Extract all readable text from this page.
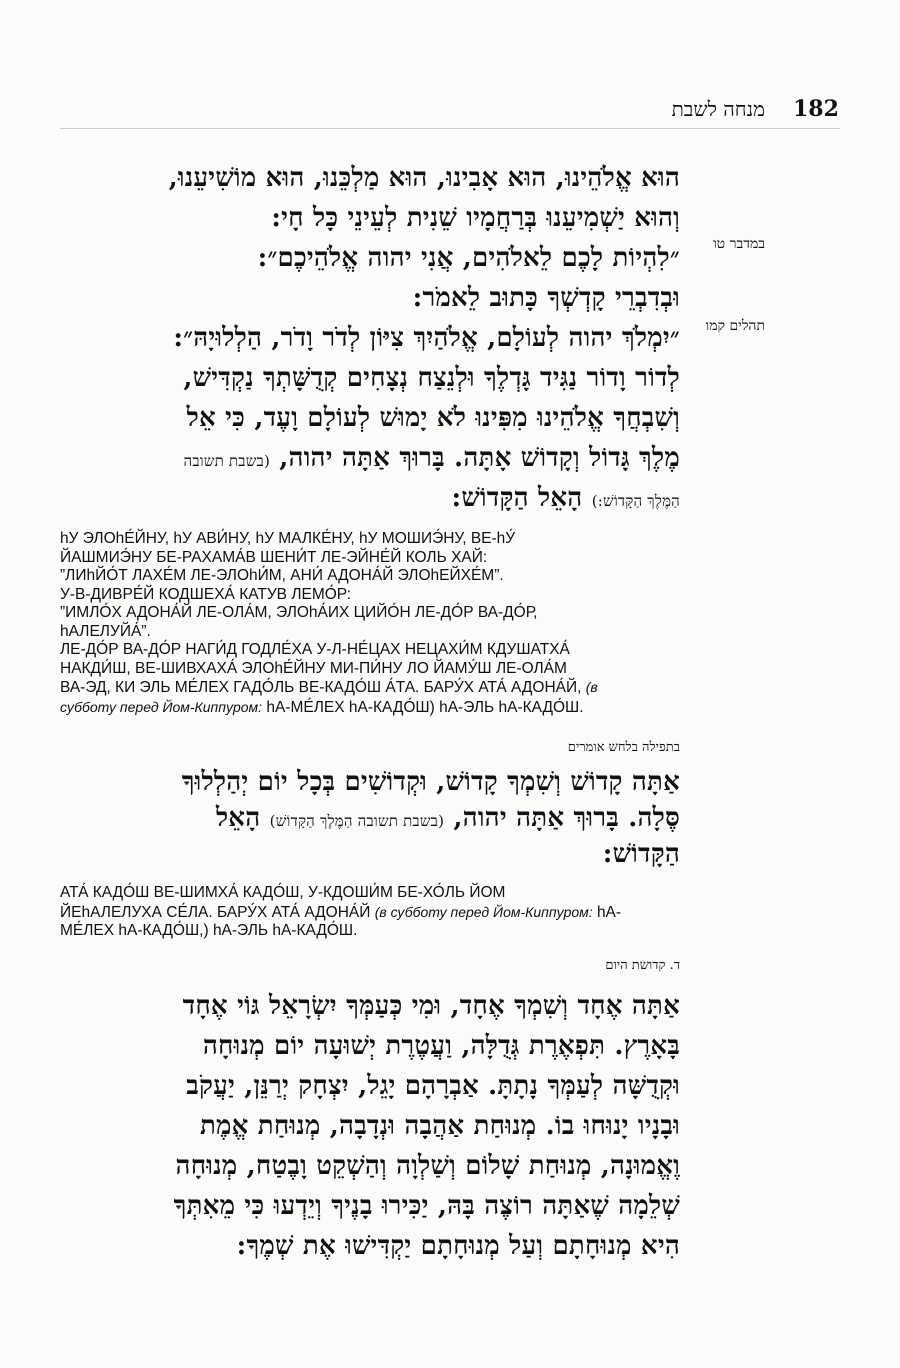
182
מנחה לשבת
במדבר טו
תהלים קמו
הוּא אֱלֹהֵינוּ, הוּא אָבִינוּ, הוּא מַלְכֵּנוּ, הוּא מוֹשִׁיעֵנוּ,
וְהוּא יַשְׁמִיעֵנוּ בְּרַחֲמָיו שֵׁנִית לְעֵינֵי כָּל חָי:
״לִהְיוֹת לָכֶם לֵאלֹהִים, אֲנִי יהוה אֱלֹהֵיכֶם״:
וּבְדִבְרֵי קָדְשְׁךָ כָּתוּב לֵאמֹר:
״יִמְלֹךְ יהוה לְעוֹלָם, אֱלֹהַיִךְ צִיּוֹן לְדֹר וָדֹר, הַלְלוּיָהּ״:
לְדוֹר וָדוֹר נַגִּיד גָּדְלֶךָ וּלְנֵצַח נְצָחִים קְדֻשָּׁתְךָ נַקְדִּישׁ,
וְשִׁבְחֲךָ אֱלֹהֵינוּ מִפִּינוּ לֹא יָמוּשׁ לְעוֹלָם וָעֶד, כִּי אֵל
מֶלֶךְ גָּדוֹל וְקָדוֹשׁ אָתָּה. בָּרוּךְ אַתָּה יהוה, (בשבת תשובה
הַמֶּלֶךְ הַקָּדוֹשׁ:) הָאֵל הַקָּדוֹשׁ:
hУ ЭЛОhЕ́ЙНУ, hУ АВИ́НУ, hУ МАЛКЕ́НУ, hУ МОШИЭ́НУ, ВЕ-hУ́
ЙАШМИЭ́НУ БЕ-РАХАМА́В ШЕНИ́Т ЛЕ-ЭЙНЕ́Й КОЛЬ ХАЙ:
”ЛИhЙО́Т ЛАХЕ́М ЛЕ-ЭЛОhИ́М, АНИ́ АДОНА́Й ЭЛОhЕЙХЕ́М”.
У-В-ДИВРЕ́Й КОДШЕХА́ КАТУВ ЛЕМО́Р:
”ИМЛО́Х АДОНА́Й ЛЕ-ОЛА́М, ЭЛОhА́ИХ ЦИЙО́Н ЛЕ-ДО́Р ВА-ДО́Р,
hАЛЕЛУЙА́”.
ЛЕ-ДО́Р ВА-ДО́Р НАГИ́Д ГОДЛЕ́ХА У-Л-НЕ́ЦАХ НЕЦАХИ́М КДУШАТХА́
НАКДИ́Ш, ВЕ-ШИВХАХА́ ЭЛОhЕ́ЙНУ МИ-ПИ́НУ ЛО ЙАМУ́Ш ЛЕ-ОЛА́М
ВА-ЭД, КИ ЭЛЬ МЕ́ЛЕХ ГАДО́ЛЬ ВЕ-КАДО́Ш А́ТА. БАРУ́Х АТА́ АДОНА́Й, (в
субботу перед Йом-Киппуром: hА-МЕ́ЛЕХ hА-КАДО́Ш) hА-ЭЛЬ hА-КАДО́Ш.
בתפילה בלחש אומרים
אַתָּה קָדוֹשׁ וְשִׁמְךָ קָדוֹשׁ, וּקְדוֹשִׁים בְּכָל יוֹם יְהַלְלוּךָ
סֶּלָה. בָּרוּךְ אַתָּה יהוה, (בשבת תשובה הַמֶּלֶךְ הַקָּדוֹשׁ) הָאֵל
הַקָּדוֹשׁ:
АТА́ КАДО́Ш ВЕ-ШИМХА́ КАДО́Ш, У-КДОШИ́М БЕ-ХО́ЛЬ ЙОМ
ЙЕhАЛЕЛУХА СЕ́ЛА. БАРУ́Х АТА́ АДОНА́Й (в субботу перед Йом-Киппуром: hА-
МЕ́ЛЕХ hА-КАДО́Ш,) hА-ЭЛЬ hА-КАДО́Ш.
ד. קדושת היום
אַתָּה אֶחָד וְשִׁמְךָ אֶחָד, וּמִי כְּעַמְּךָ יִשְׂרָאֵל גּוֹי אֶחָד
בָּאָרֶץ. תִּפְאֶרֶת גְּדֻלָּה, וַעֲטֶרֶת יְשׁוּעָה יוֹם מְנוּחָה
וּקְדֻשָּׁה לְעַמְּךָ נָתָתָּ. אַבְרָהָם יָגֵל, יִצְחָק יְרַנֵּן, יַעֲקֹב
וּבָנָיו יָנוּחוּ בוֹ. מְנוּחַת אַהֲבָה וּנְדָבָה, מְנוּחַת אֱמֶת
וֶאֱמוּנָה, מְנוּחַת שָׁלוֹם וְשַׁלְוָה וְהַשְׁקֵט וָבֶטַח, מְנוּחָה
שְׁלֵמָה שֶׁאַתָּה רוֹצֶה בָּהּ, יַכִּירוּ בָנֶיךָ וְיֵדְעוּ כִּי מֵאִתְּךָ
הִיא מְנוּחָתָם וְעַל מְנוּחָתָם יַקְדִּישׁוּ אֶת שְׁמֶךָ:
